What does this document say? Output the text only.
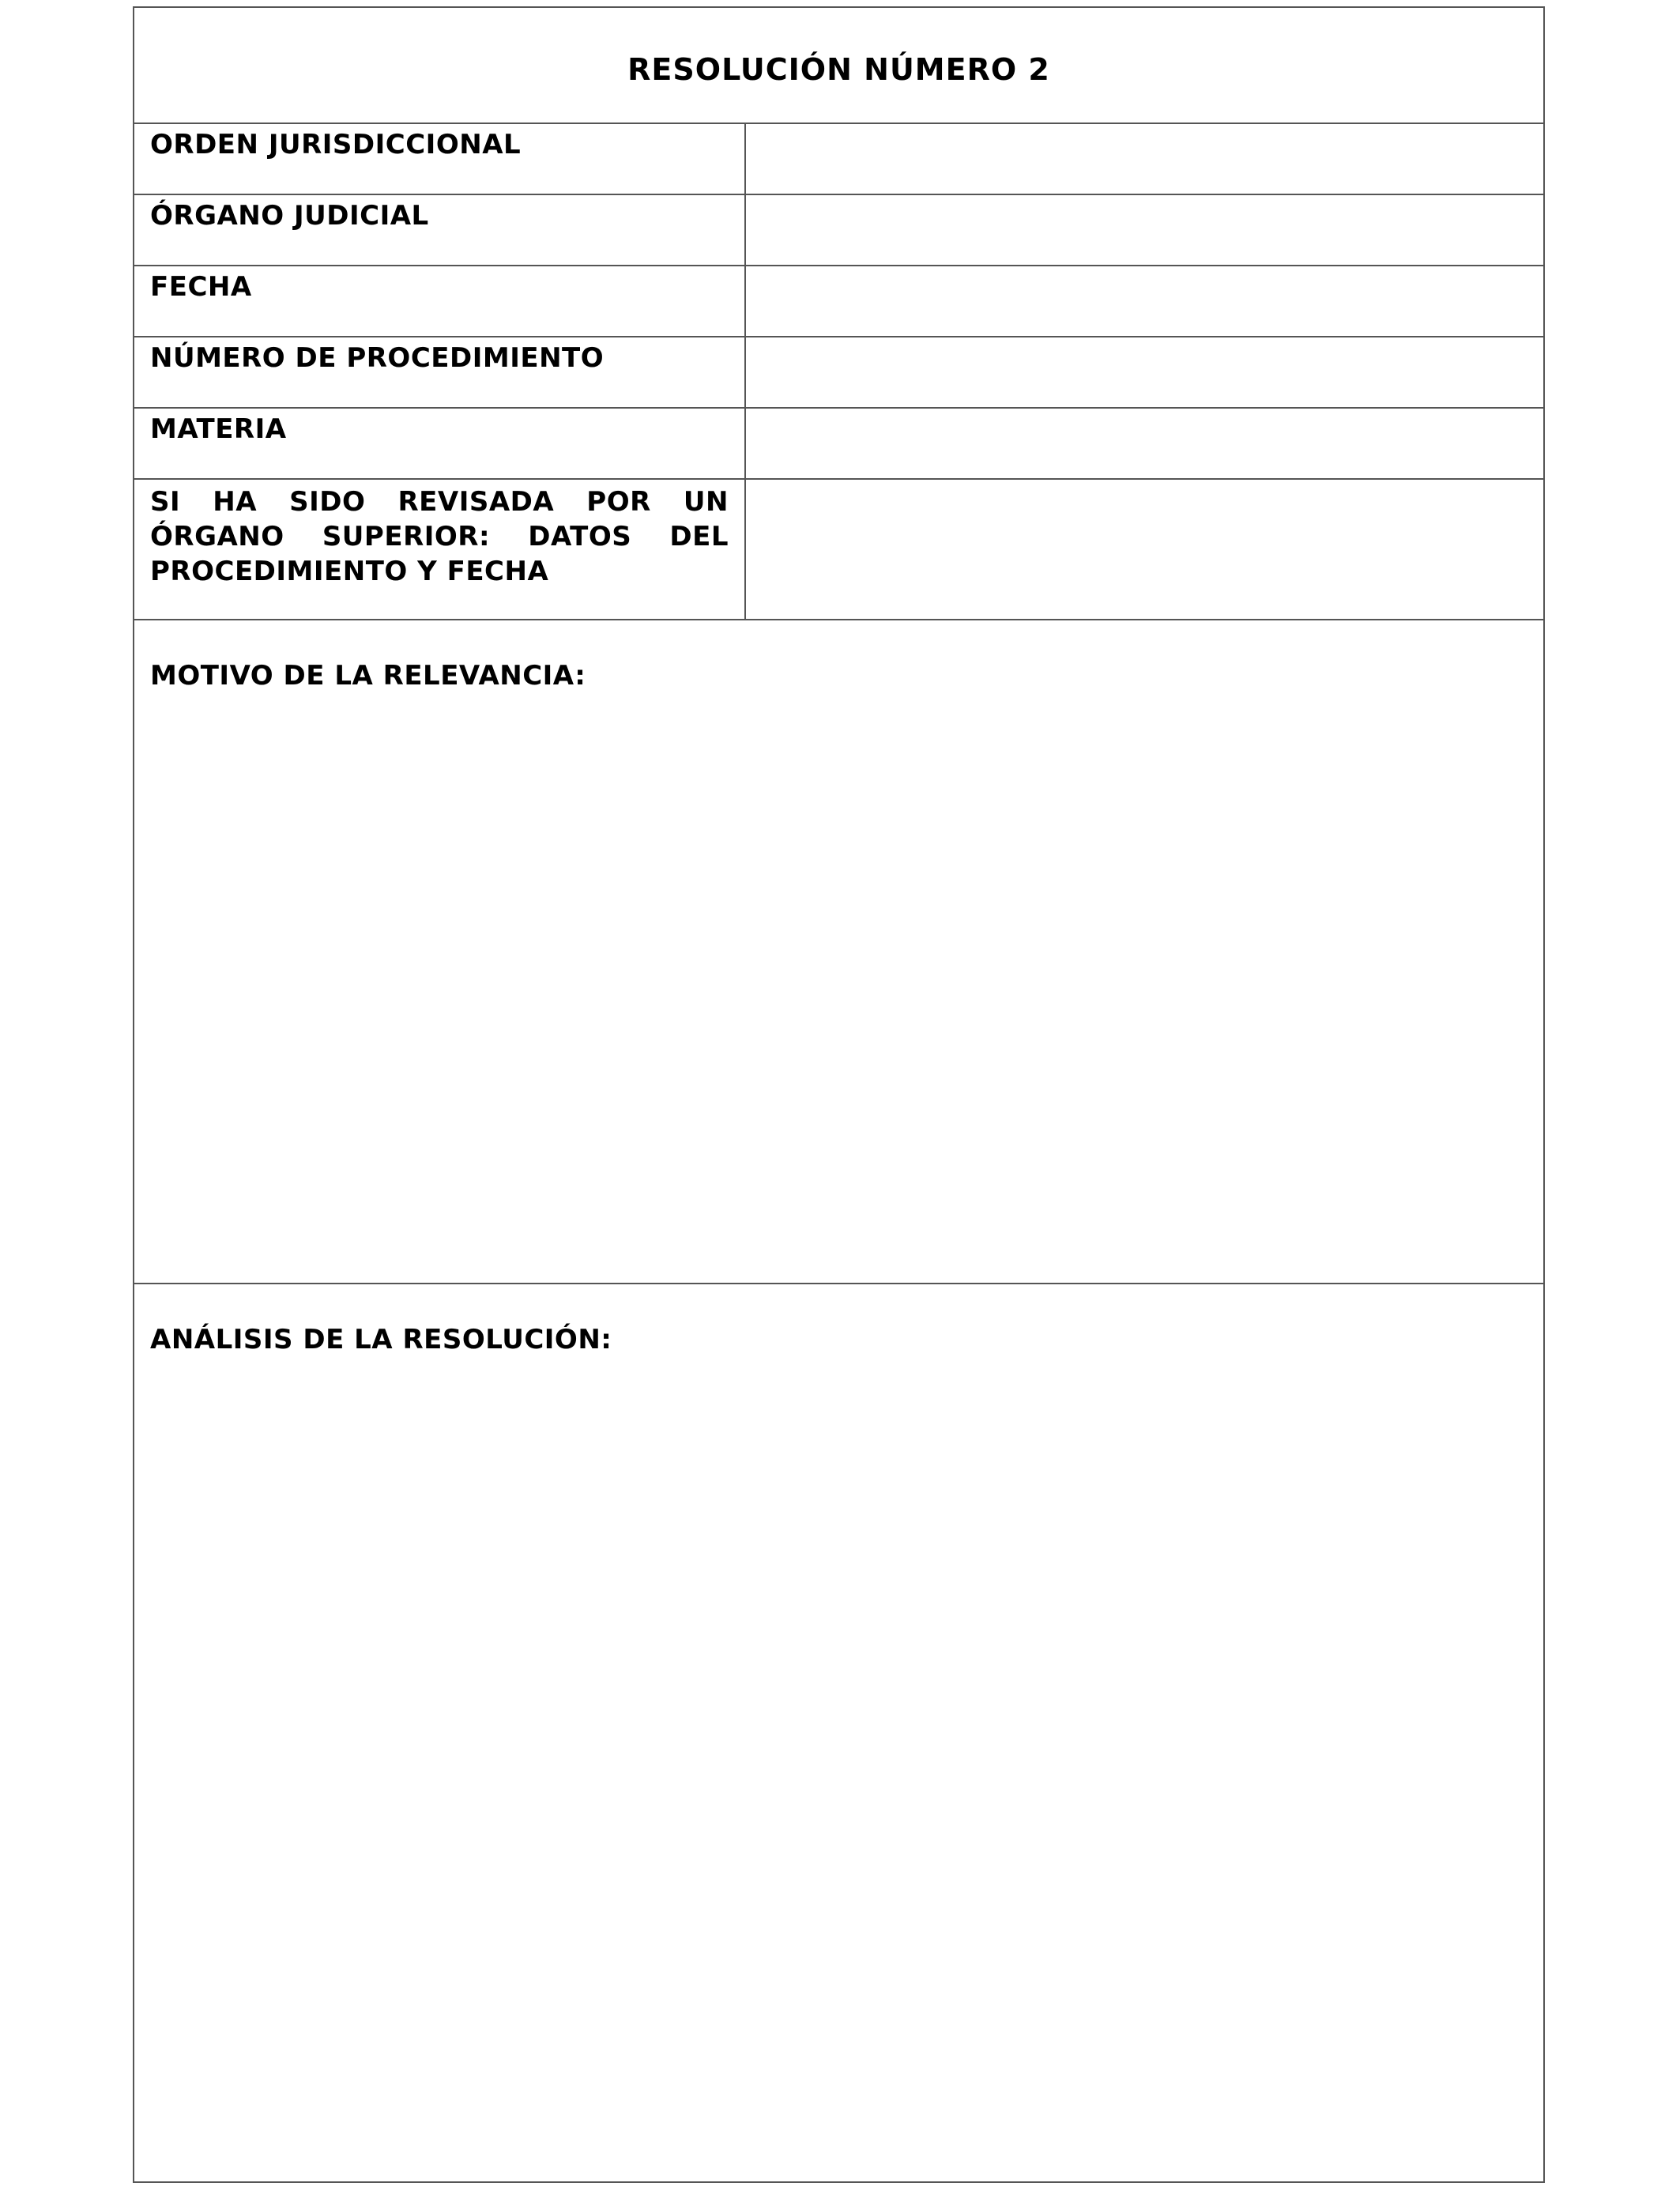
RESOLUCIÓN NÚMERO 2
ORDEN JURISDICCIONAL
ÓRGANO JUDICIAL
FECHA
NÚMERO DE PROCEDIMIENTO
MATERIA
SI HA SIDO REVISADA POR UN ÓRGANO SUPERIOR: DATOS DEL PROCEDIMIENTO Y FECHA
MOTIVO DE LA RELEVANCIA:
ANÁLISIS DE LA RESOLUCIÓN:
